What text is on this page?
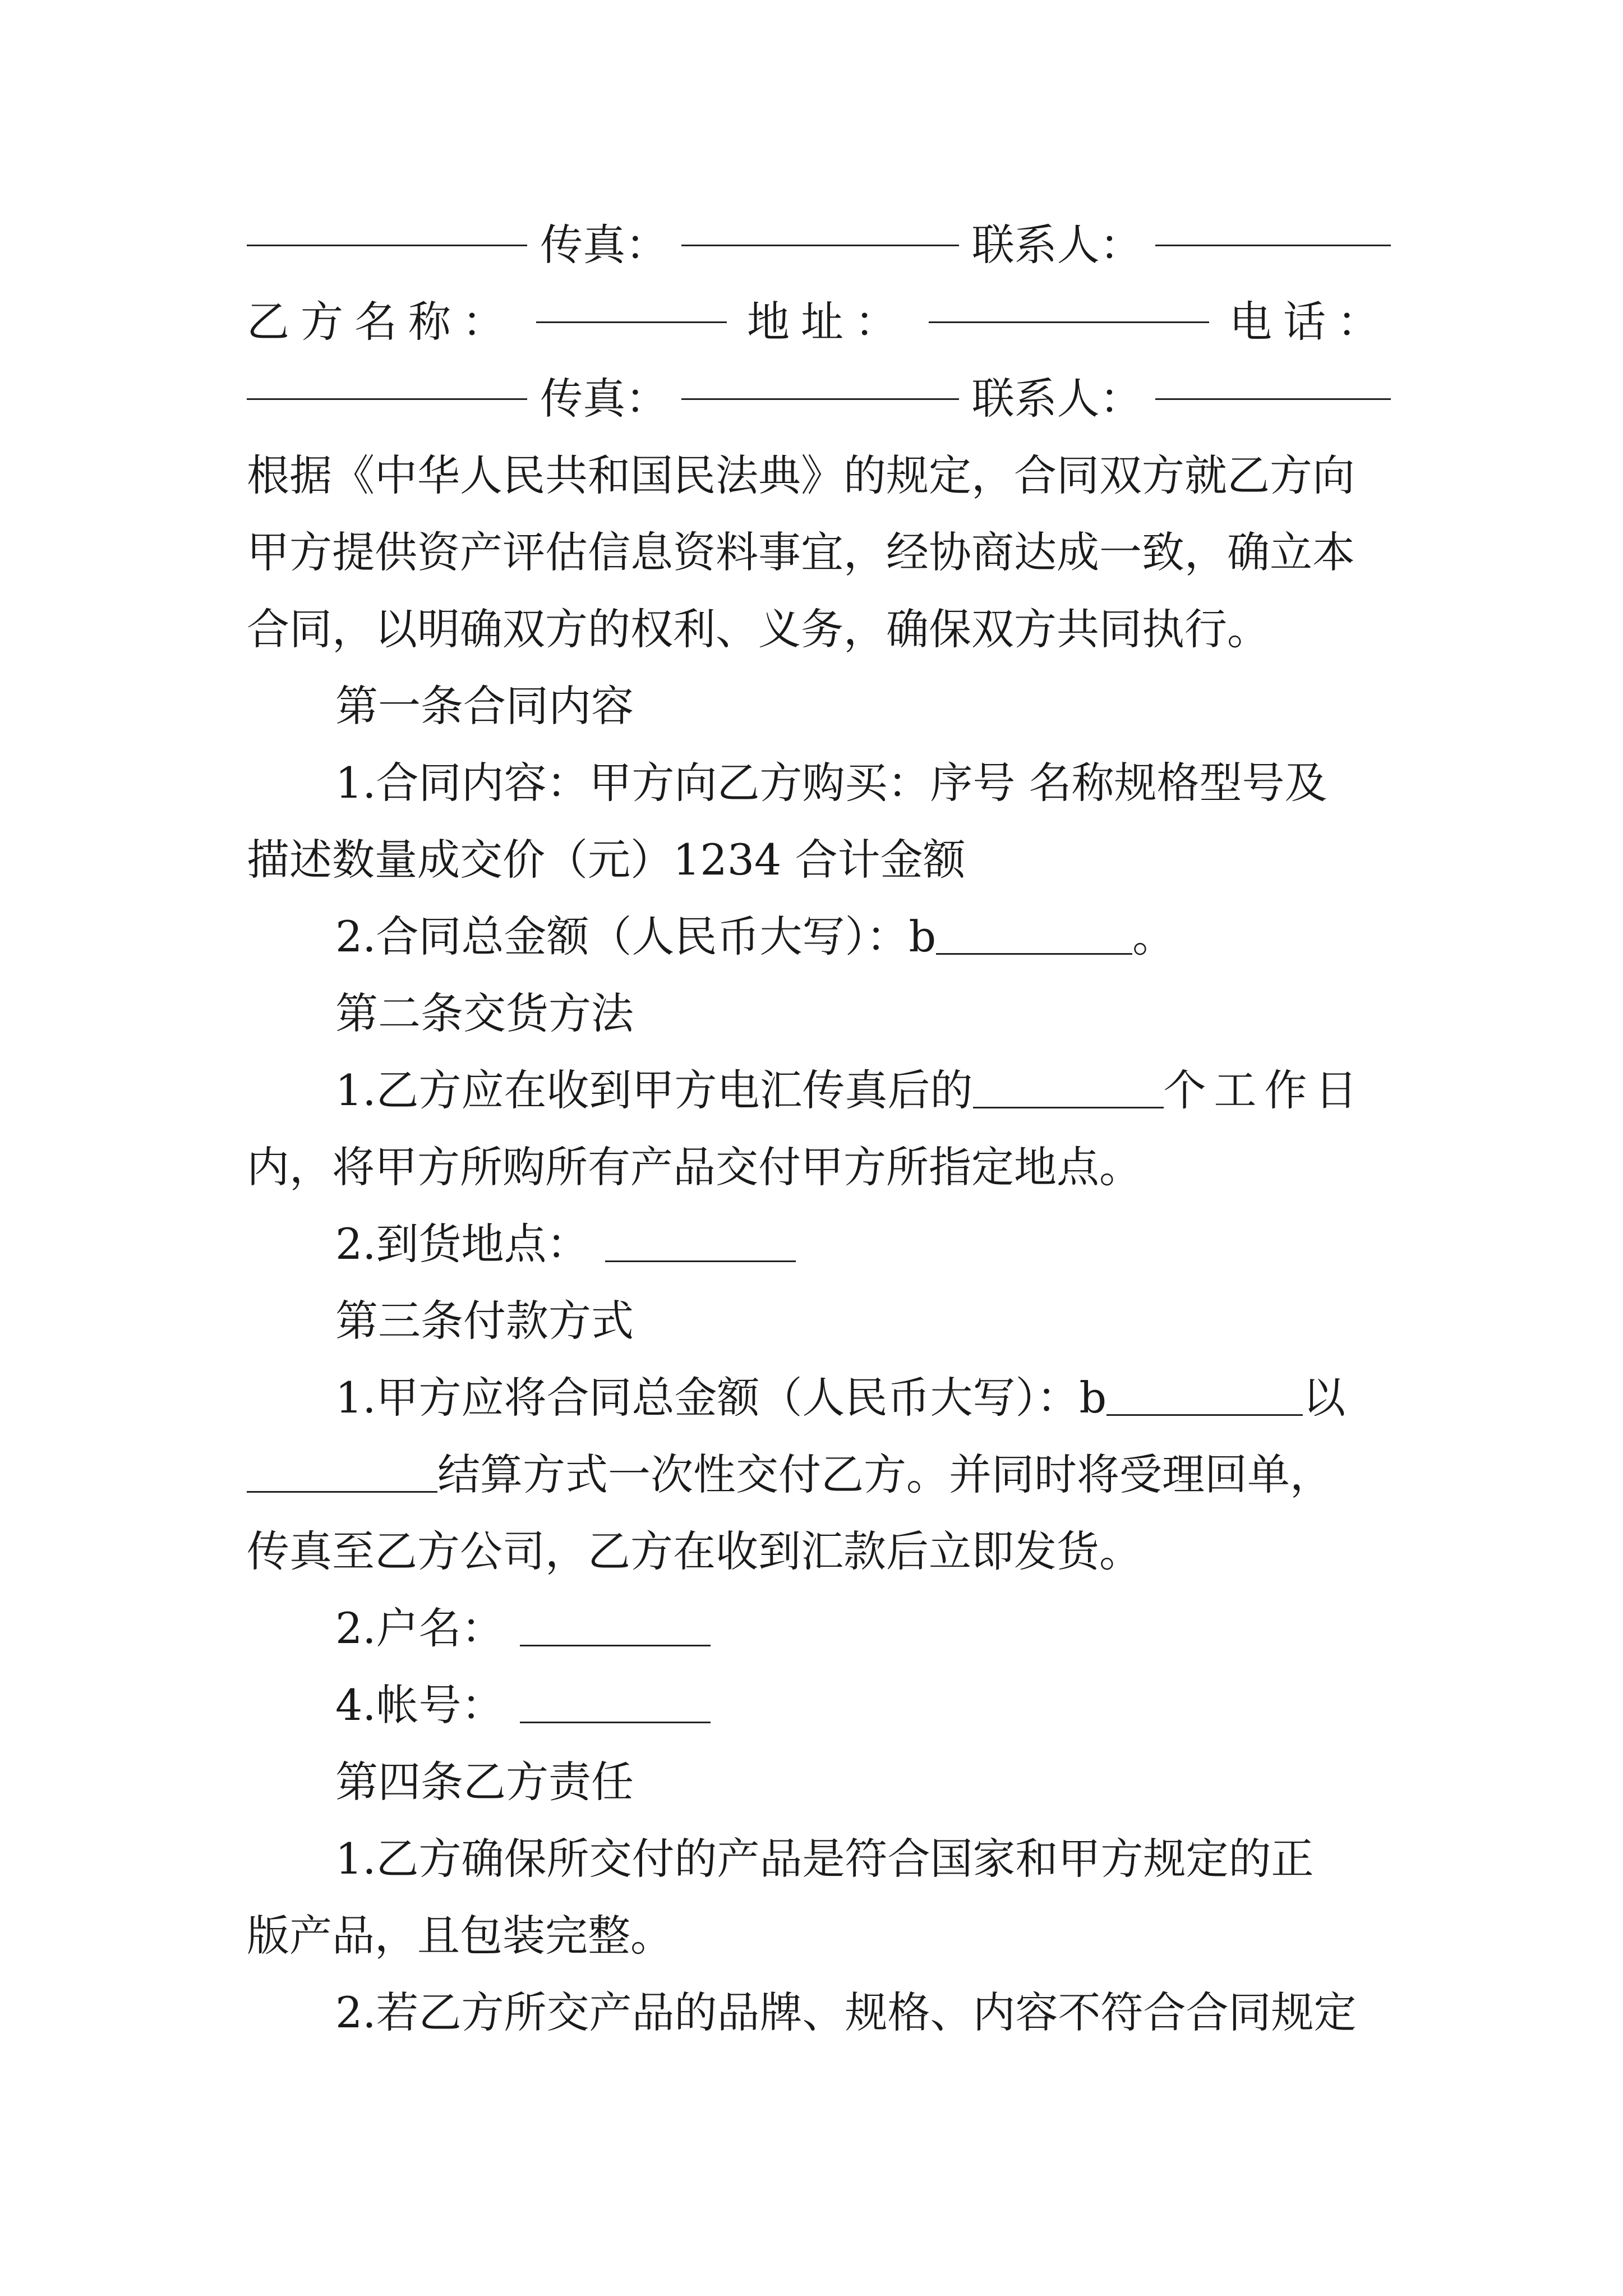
传真：	联系人：
乙方名称：	地址：	电话：
传真：	联系人：
根据《中华人民共和国民法典》的规定，合同双方就乙方向
甲方提供资产评估信息资料事宜，经协商达成一致，确立本
合同，以明确双方的权利、义务，确保双方共同执行。
第一条合同内容
1.合同内容：甲方向乙方购买：序号 名称规格型号及
描述数量成交价（元）1234 合计金额
2.合同总金额（人民币大写）：b	。
第二条交货方法
1.乙方应在收到甲方电汇传真后的	个工作日
内，将甲方所购所有产品交付甲方所指定地点。
2.到货地点：
第三条付款方式
1.甲方应将合同总金额（人民币大写）：b	以
结算方式一次性交付乙方。并同时将受理回单，
传真至乙方公司，乙方在收到汇款后立即发货。
2.户名：
4.帐号：
第四条乙方责任
1.乙方确保所交付的产品是符合国家和甲方规定的正
版产品，且包装完整。
2.若乙方所交产品的品牌、规格、内容不符合合同规定
